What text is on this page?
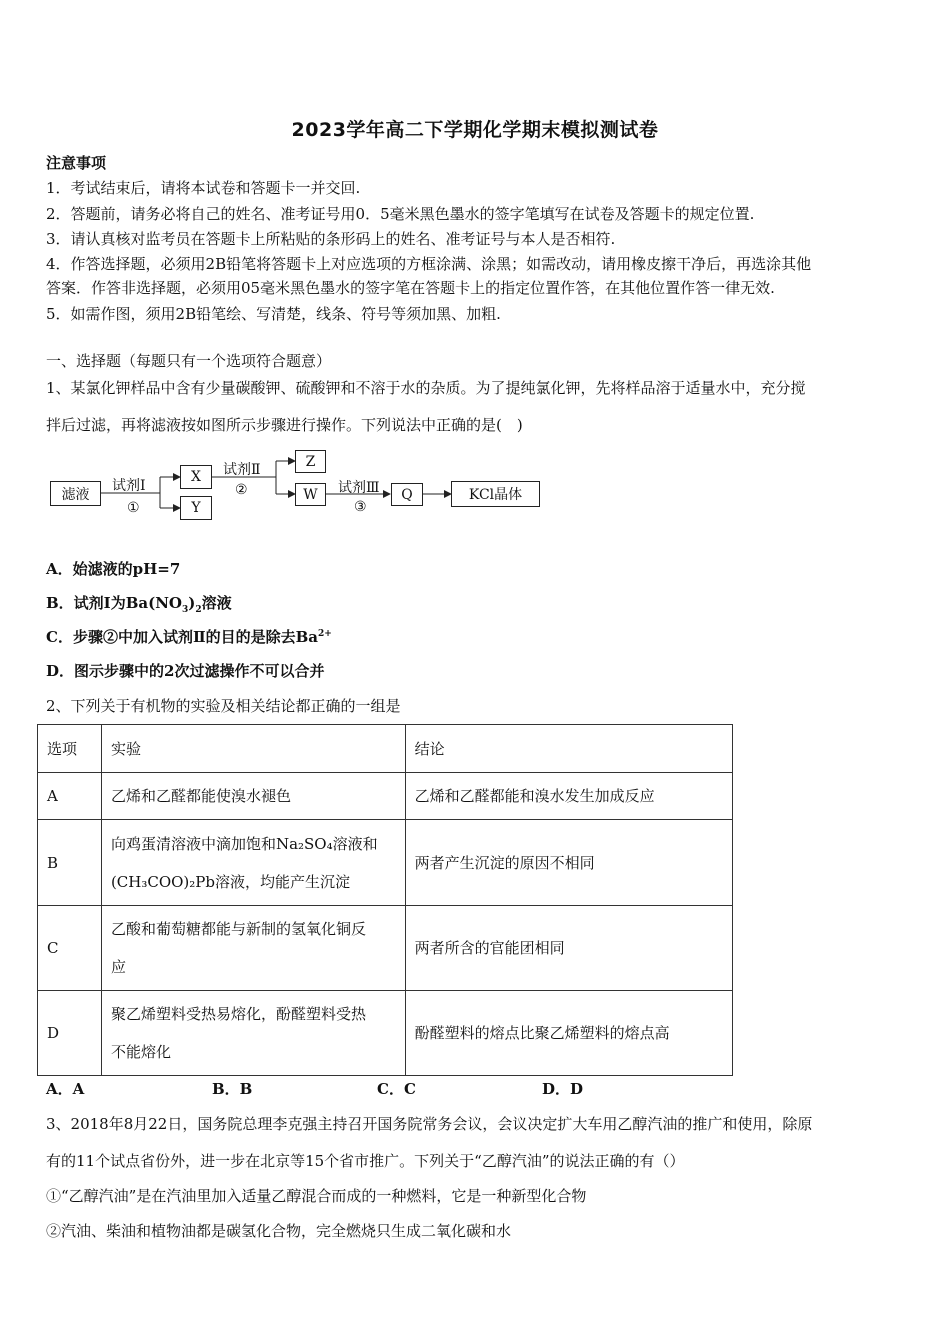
2023学年高二下学期化学期末模拟测试卷
注意事项
1．考试结束后，请将本试卷和答题卡一并交回.
2．答题前，请务必将自己的姓名、准考证号用0．5毫米黑色墨水的签字笔填写在试卷及答题卡的规定位置.
3．请认真核对监考员在答题卡上所粘贴的条形码上的姓名、准考证号与本人是否相符.
4．作答选择题，必须用2B铅笔将答题卡上对应选项的方框涂满、涂黑；如需改动，请用橡皮擦干净后，再选涂其他
答案．作答非选择题，必须用05毫米黑色墨水的签字笔在答题卡上的指定位置作答，在其他位置作答一律无效.
5．如需作图，须用2B铅笔绘、写清楚，线条、符号等须加黑、加粗.
一、选择题（每题只有一个选项符合题意）
1、某氯化钾样品中含有少量碳酸钾、硫酸钾和不溶于水的杂质。为了提纯氯化钾，先将样品溶于适量水中，充分搅
拌后过滤，再将滤液按如图所示步骤进行操作。下列说法中正确的是(　)
滤液
试剂Ⅰ
①
X
Y
试剂Ⅱ
②
Z
W	试剂Ⅲ
③
Q	KCl晶体
A．始滤液的pH=7
B．试剂Ⅰ为$Ba(NO_3)_2$溶液
C．步骤②中加入试剂Ⅱ的目的是除去$Ba^{2+}$
D．图示步骤中的2次过滤操作不可以合并
2、下列关于有机物的实验及相关结论都正确的一组是
选项	实验	结论
A	乙烯和乙醛都能使溴水褪色	乙烯和乙醛都能和溴水发生加成反应
B	向鸡蛋清溶液中滴加饱和Na₂SO₄溶液和
(CH₃COO)₂Pb溶液，均能产生沉淀	两者产生沉淀的原因不相同
C	乙酸和葡萄糖都能与新制的氢氧化铜反
应	两者所含的官能团相同
D	聚乙烯塑料受热易熔化，酚醛塑料受热
不能熔化	酚醛塑料的熔点比聚乙烯塑料的熔点高
A．A	B．B	C．C	D．D
3、2018年8月22日，国务院总理李克强主持召开国务院常务会议，会议决定扩大车用乙醇汽油的推广和使用，除原
有的11个试点省份外，进一步在北京等15个省市推广。下列关于“乙醇汽油”的说法正确的有（）
①“乙醇汽油”是在汽油里加入适量乙醇混合而成的一种燃料，它是一种新型化合物
②汽油、柴油和植物油都是碳氢化合物，完全燃烧只生成二氧化碳和水
